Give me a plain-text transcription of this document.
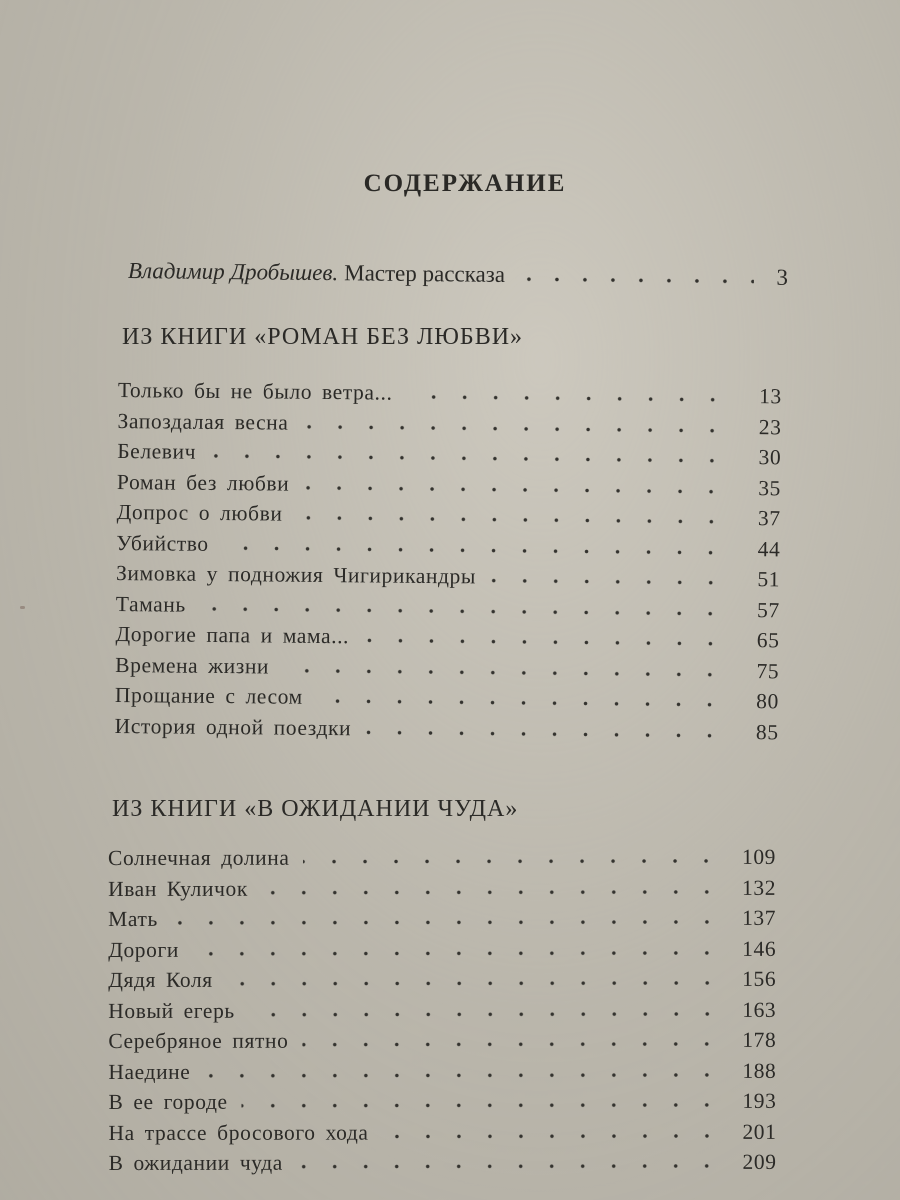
СОДЕРЖАНИЕ
Владимир Дробышев. Мастер рассказа	3
ИЗ КНИГИ «РОМАН БЕЗ ЛЮБВИ»
Только бы не было ветра...	13
Запоздалая весна	23
Белевич	30
Роман без любви	35
Допрос о любви	37
Убийство	44
Зимовка у подножия Чигирикандры	51
Тамань	57
Дорогие папа и мама...	65
Времена жизни	75
Прощание с лесом	80
История одной поездки	85
ИЗ КНИГИ «В ОЖИДАНИИ ЧУДА»
Солнечная долина	109
Иван Куличок	132
Мать	137
Дороги	146
Дядя Коля	156
Новый егерь	163
Серебряное пятно	178
Наедине	188
В ее городе	193
На трассе бросового хода	201
В ожидании чуда	209
